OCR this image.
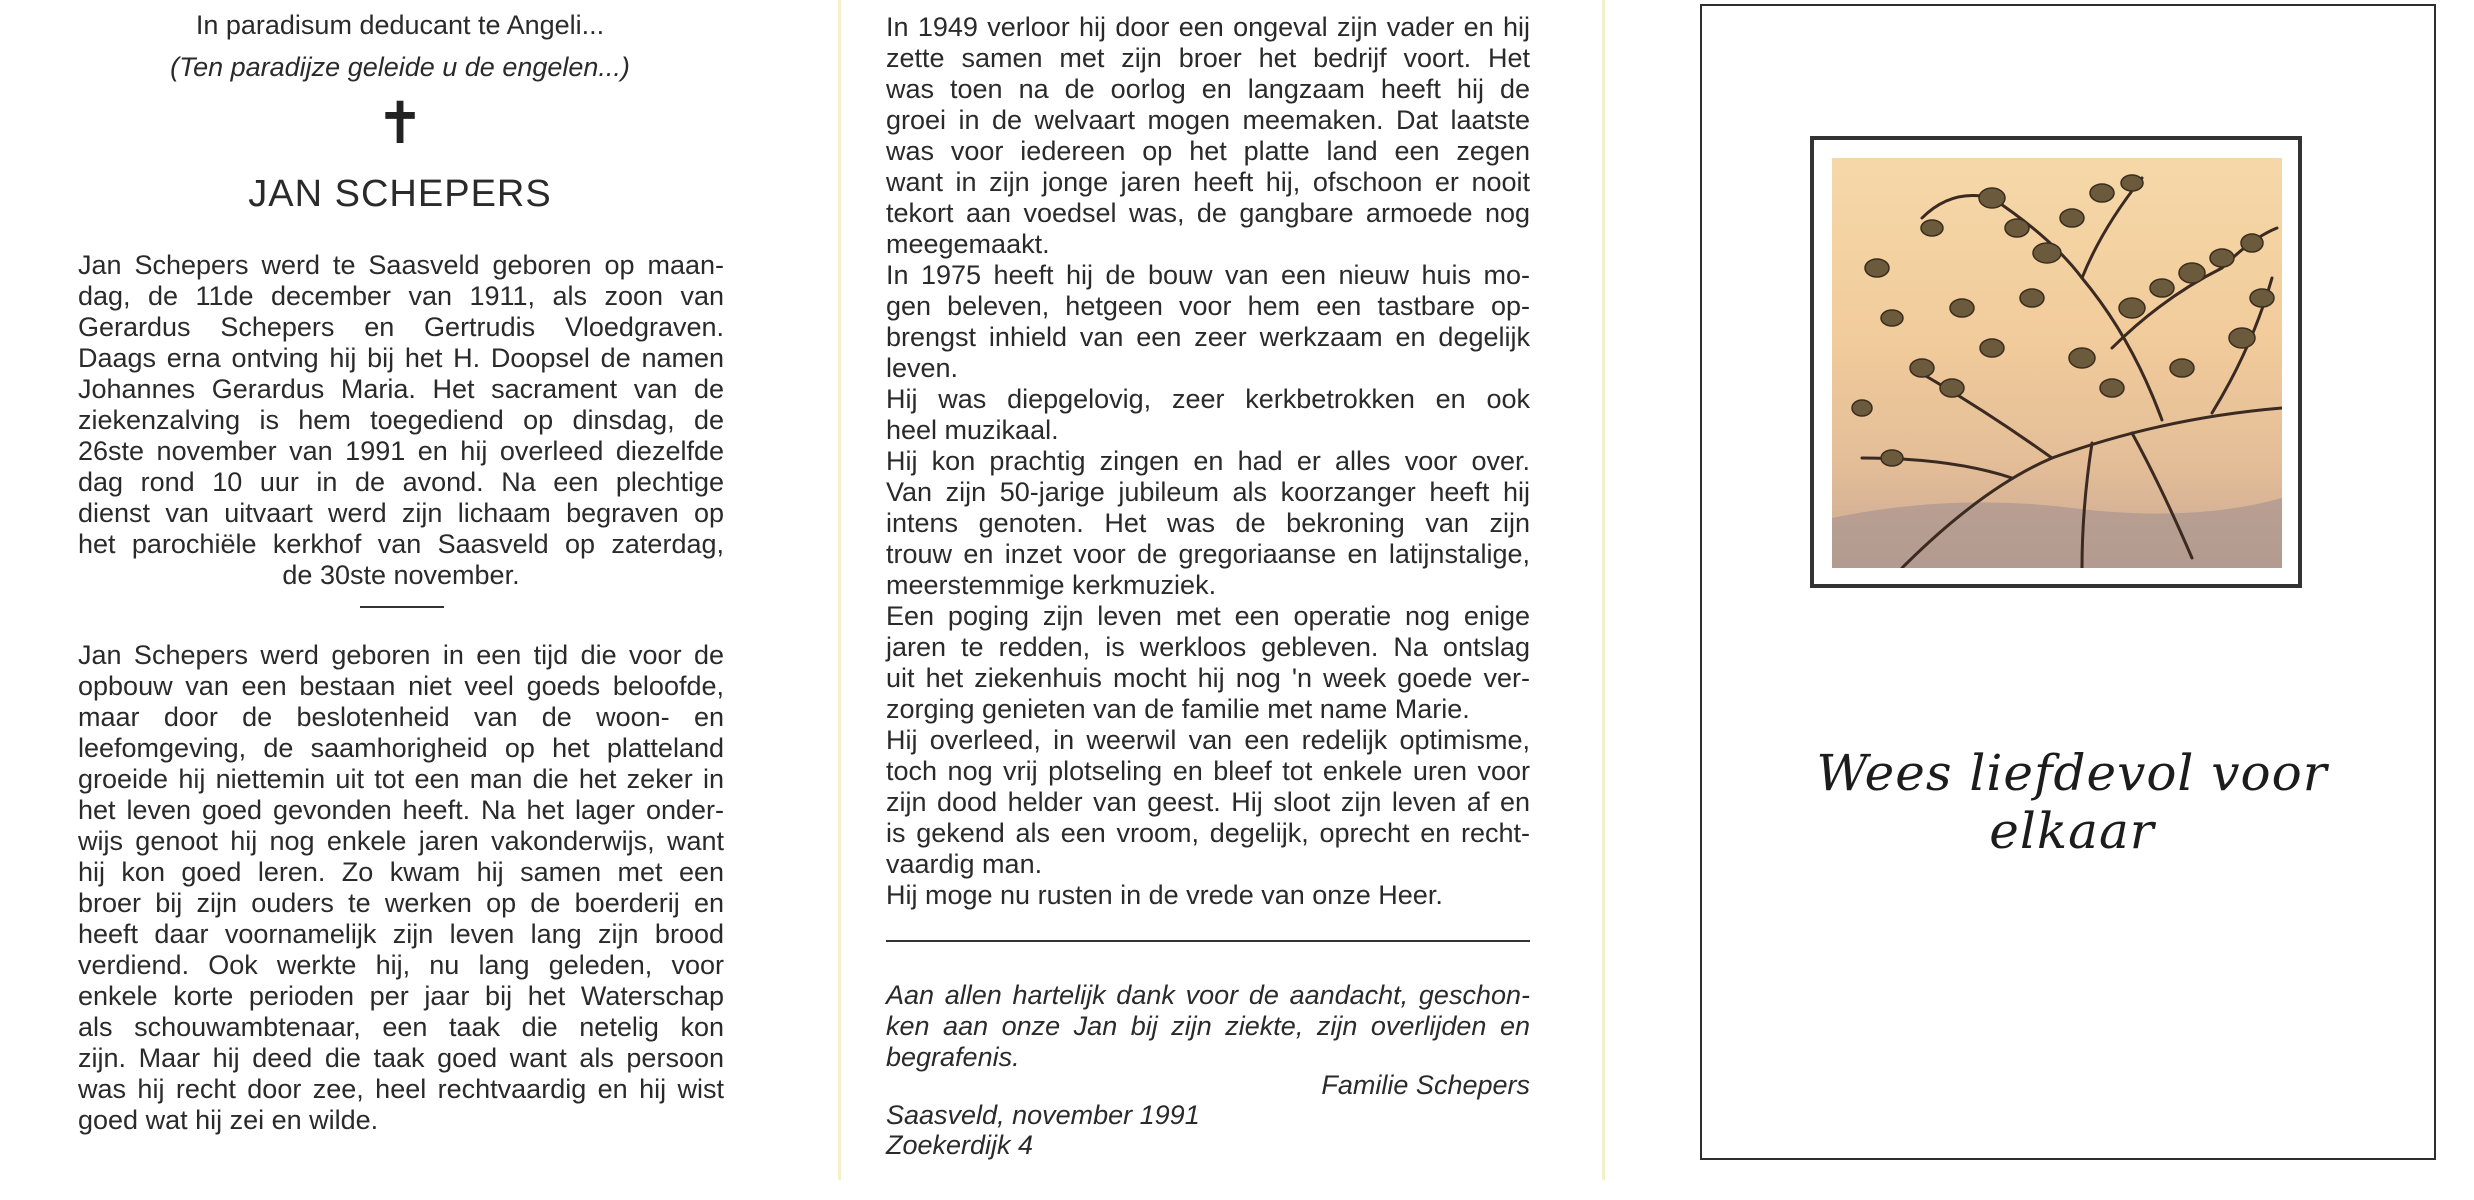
In paradisum deducant te Angeli...
(Ten paradijze geleide u de engelen...)
✝
JAN SCHEPERS
Jan Schepers werd te Saasveld geboren op maan-
dag, de 11de december van 1911, als zoon van
Gerardus Schepers en Gertrudis Vloedgraven.
Daags erna ontving hij bij het H. Doopsel de namen
Johannes Gerardus Maria. Het sacrament van de
ziekenzalving is hem toegediend op dinsdag, de
26ste november van 1991 en hij overleed diezelfde
dag rond 10 uur in de avond. Na een plechtige
dienst van uitvaart werd zijn lichaam begraven op
het parochiële kerkhof van Saasveld op zaterdag,
de 30ste november.
Jan Schepers werd geboren in een tijd die voor de
opbouw van een bestaan niet veel goeds beloofde,
maar door de beslotenheid van de woon- en
leefomgeving, de saamhorigheid op het platteland
groeide hij niettemin uit tot een man die het zeker in
het leven goed gevonden heeft. Na het lager onder-
wijs genoot hij nog enkele jaren vakonderwijs, want
hij kon goed leren. Zo kwam hij samen met een
broer bij zijn ouders te werken op de boerderij en
heeft daar voornamelijk zijn leven lang zijn brood
verdiend. Ook werkte hij, nu lang geleden, voor
enkele korte perioden per jaar bij het Waterschap
als schouwambtenaar, een taak die netelig kon
zijn. Maar hij deed die taak goed want als persoon
was hij recht door zee, heel rechtvaardig en hij wist
goed wat hij zei en wilde.
In 1949 verloor hij door een ongeval zijn vader en hij
zette samen met zijn broer het bedrijf voort. Het
was toen na de oorlog en langzaam heeft hij de
groei in de welvaart mogen meemaken. Dat laatste
was voor iedereen op het platte land een zegen
want in zijn jonge jaren heeft hij, ofschoon er nooit
tekort aan voedsel was, de gangbare armoede nog
meegemaakt.
In 1975 heeft hij de bouw van een nieuw huis mo-
gen beleven, hetgeen voor hem een tastbare op-
brengst inhield van een zeer werkzaam en degelijk
leven.
Hij was diepgelovig, zeer kerkbetrokken en ook
heel muzikaal.
Hij kon prachtig zingen en had er alles voor over.
Van zijn 50-jarige jubileum als koorzanger heeft hij
intens genoten. Het was de bekroning van zijn
trouw en inzet voor de gregoriaanse en latijnstalige,
meerstemmige kerkmuziek.
Een poging zijn leven met een operatie nog enige
jaren te redden, is werkloos gebleven. Na ontslag
uit het ziekenhuis mocht hij nog 'n week goede ver-
zorging genieten van de familie met name Marie.
Hij overleed, in weerwil van een redelijk optimisme,
toch nog vrij plotseling en bleef tot enkele uren voor
zijn dood helder van geest. Hij sloot zijn leven af en
is gekend als een vroom, degelijk, oprecht en recht-
vaardig man.
Hij moge nu rusten in de vrede van onze Heer.
Aan allen hartelijk dank voor de aandacht, geschon-
ken aan onze Jan bij zijn ziekte, zijn overlijden en
begrafenis.
Familie Schepers
Saasveld, november 1991
Zoekerdijk 4
Wees liefdevol voor elkaar
